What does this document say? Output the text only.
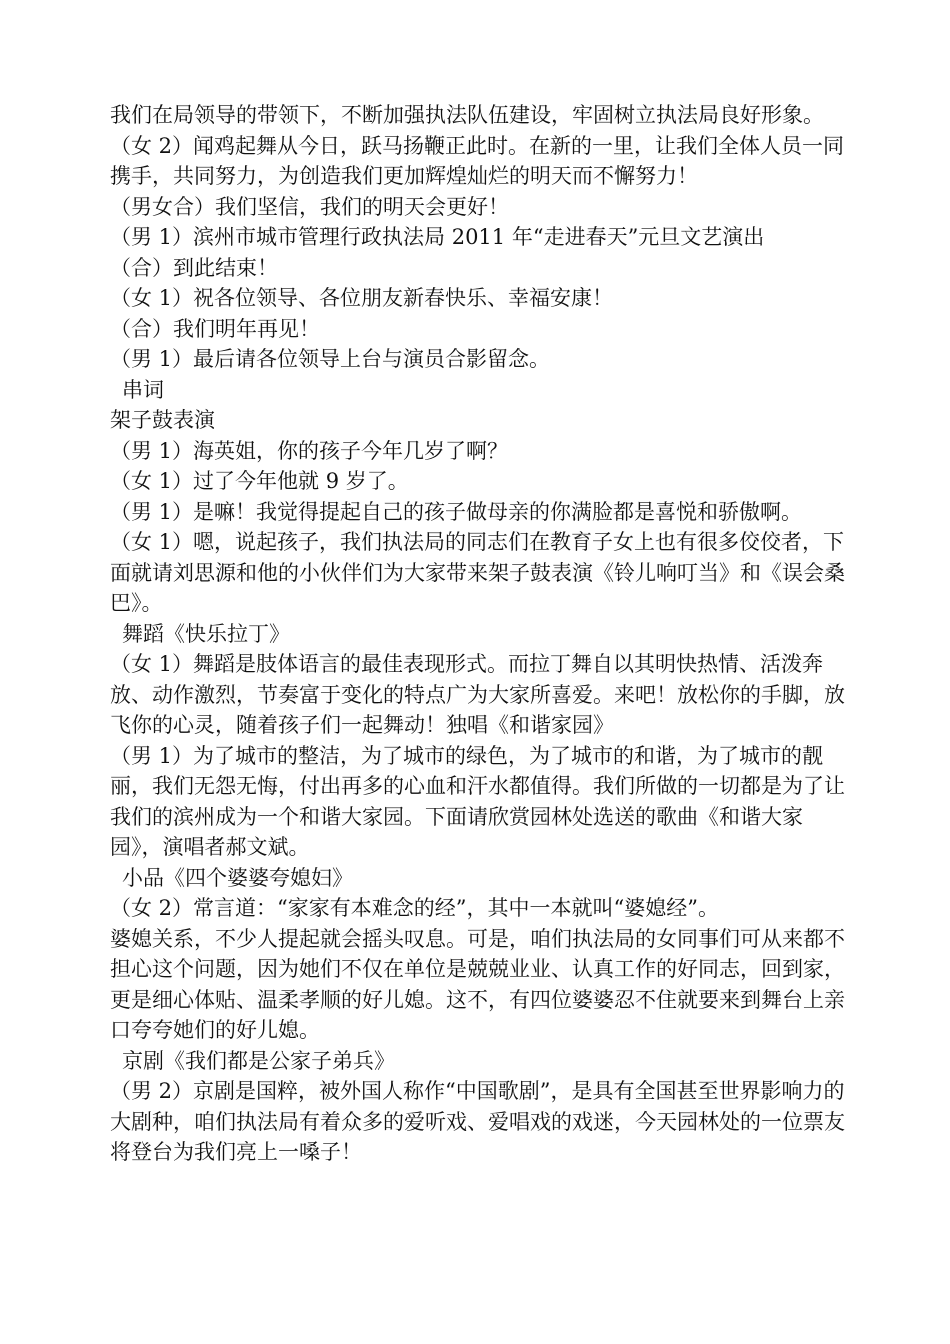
我们在局领导的带领下，不断加强执法队伍建设，牢固树立执法局良好形象。

（女 2）闻鸡起舞从今日，跃马扬鞭正此时。在新的一里，让我们全体人员一同携手，共同努力，为创造我们更加辉煌灿烂的明天而不懈努力！

（男女合）我们坚信，我们的明天会更好！

（男 1）滨州市城市管理行政执法局 2011 年“走进春天”元旦文艺演出

（合）到此结束！

（女 1）祝各位领导、各位朋友新春快乐、幸福安康！

（合）我们明年再见！

（男 1）最后请各位领导上台与演员合影留念。

串词

架子鼓表演

（男 1）海英姐，你的孩子今年几岁了啊？

（女 1）过了今年他就 9 岁了。

（男 1）是嘛！我觉得提起自己的孩子做母亲的你满脸都是喜悦和骄傲啊。

（女 1）嗯，说起孩子，我们执法局的同志们在教育子女上也有很多佼佼者，下面就请刘思源和他的小伙伴们为大家带来架子鼓表演《铃儿响叮当》和《误会桑巴》。

舞蹈《快乐拉丁》

（女 1）舞蹈是肢体语言的最佳表现形式。而拉丁舞自以其明快热情、活泼奔放、动作激烈，节奏富于变化的特点广为大家所喜爱。来吧！放松你的手脚，放飞你的心灵，随着孩子们一起舞动！独唱《和谐家园》

（男 1）为了城市的整洁，为了城市的绿色，为了城市的和谐，为了城市的靓丽，我们无怨无悔，付出再多的心血和汗水都值得。我们所做的一切都是为了让我们的滨州成为一个和谐大家园。下面请欣赏园林处选送的歌曲《和谐大家园》，演唱者郝文斌。

小品《四个婆婆夸媳妇》

（女 2）常言道：“家家有本难念的经”，其中一本就叫“婆媳经”。

婆媳关系，不少人提起就会摇头叹息。可是，咱们执法局的女同事们可从来都不担心这个问题，因为她们不仅在单位是兢兢业业、认真工作的好同志，回到家，更是细心体贴、温柔孝顺的好儿媳。这不，有四位婆婆忍不住就要来到舞台上亲口夸夸她们的好儿媳。

京剧《我们都是公家子弟兵》

（男 2）京剧是国粹，被外国人称作“中国歌剧”，是具有全国甚至世界影响力的大剧种，咱们执法局有着众多的爱听戏、爱唱戏的戏迷，今天园林处的一位票友将登台为我们亮上一嗓子！
